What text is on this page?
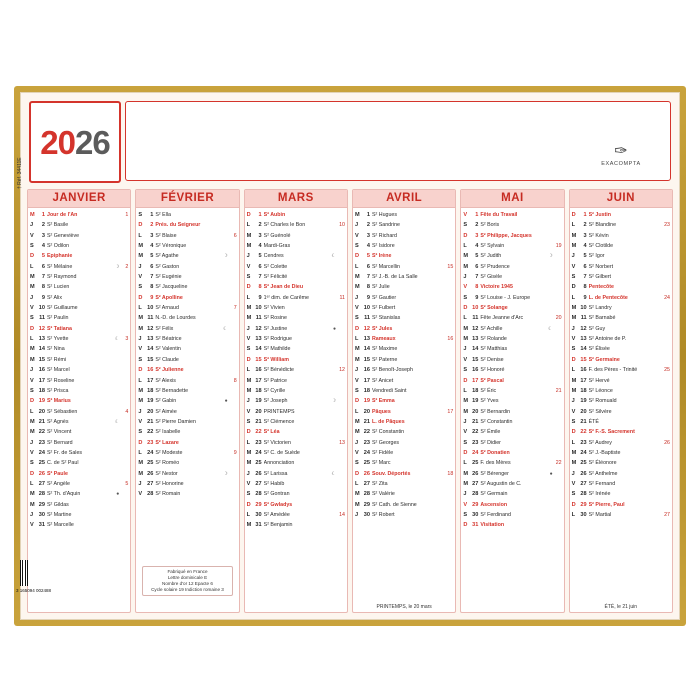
2026	✑
EXACOMPTA
† Réf. 34411E
JANVIER
M	1 Jour de l'An	1
J	2 S² Basile
V	3 S² Geneviève
S	4 S² Odilon
D	5 Epiphanie
L	6 S² Mélaine	☽	2
M	7 S² Raymond
M	8 S² Lucien
J	9 S² Alix
V 10 S² Guillaume
S 11 S² Paulin
D 12 S² Tatiana
L 13 S² Yvette	☾	3
M 14 S² Nina
M 15 S² Rémi
J	16 S² Marcel
V 17 S² Roseline
S 18 S² Prisca
D 19 S² Marius
L 20 S² Sébastien	4
M 21 S² Agnès	☾
M 22 S² Vincent
J	23 S² Bernard
V 24 S² Fr. de Sales
S 25 C. de S² Paul
D 26 S² Paule
L 27 S² Angèle	5
M 28 S² Th. d'Aquin	●
M 29 S² Gildas
J	30 S² Martine
V 31 S² Marcelle
FÉVRIER
S	1 S² Ella
D	2 Prés. du Seigneur
L	3 S² Blaise	6
M	4 S² Véronique
M	5 S² Agathe	☽
J	6 S² Gaston
V	7 S² Eugénie
S	8 S² Jacqueline
D	9 S² Apolline
L 10 S² Arnaud	7
M 11 N.-D. de Lourdes
M 12 S² Félix	☾
J	13 S² Béatrice
V 14 S² Valentin
S 15 S² Claude
D 16 S² Julienne
L 17 S² Alexis	8
M 18 S² Bernadette
M 19 S² Gabin	●
J	20 S² Aimée
V 21 S² Pierre Damien
S 22 S² Isabelle
D 23 S² Lazare
L 24 S² Modeste	9
M 25 S² Roméo
M 26 S² Nestor	☽
J	27 S² Honorine
V 28 S² Romain
Fabriqué en France
Lettre dominicale E
Nombre d'or 12 Epacte 6
Cycle solaire 19 Indiction romaine 3
MARS
D	1 S² Aubin
L	2 S² Charles le Bon	10
M	3 S² Guénolé
M	4 Mardi-Gras
J	5 Cendres	☾
V	6 S² Colette
S	7 S² Félicité
D	8 S² Jean de Dieu
L	9 1ᵉʳ dim. de Carême	11
M 10 S² Vivien
M 11 S² Rosine
J	12 S² Justine	●
V 13 S² Rodrigue
S 14 S² Mathilde
D 15 S² William
L 16 S² Bénédicte	12
M 17 S² Patrice
M 18 S² Cyrille
J	19 S² Joseph	☽
V 20 PRINTEMPS
S 21 S² Clémence
D 22 S² Léa
L 23 S² Victorien	13
M 24 S² C. de Suède
M 25 Annonciation
J	26 S² Larissa	☾
V 27 S² Habib
S 28 S² Gontran
D 29 S² Gwladys
L 30 S² Amédée	14
M 31 S² Benjamin
AVRIL
M	1 S² Hugues
J	2 S² Sandrine
V	3 S² Richard
S	4 S² Isidore
D	5 S² Irène
L	6 S² Marcellin	15
M	7 S² J.-B. de La Salle
M	8 S² Julie
J	9 S² Gautier
V 10 S² Fulbert
S 11 S² Stanislas
D 12 S² Jules
L 13 Rameaux	16
M 14 S² Maxime
M 15 S² Paterne
J	16 S² Benoît-Joseph
V 17 S² Anicet
S 18 Vendredi Saint
D 19 S² Emma
L 20 Pâques	17
M 21 L. de Pâques
M 22 S² Constantin
J	23 S² Georges
V 24 S² Fidèle
S 25 S² Marc
D 26 Souv. Déportés	18
L 27 S² Zita
M 28 S² Valérie
M 29 S² Cath. de Sienne
J	30 S² Robert
PRINTEMPS, le 20 mars
MAI
V	1 Fête du Travail
S	2 S² Boris
D	3 S² Philippe, Jacques
L	4 S² Sylvain	19
M	5 S² Judith	☽
M	6 S² Prudence
J	7 S² Gisèle
V	8 Victoire 1945
S	9 S² Louise - J. Europe
D 10 S² Solange
L	11 Fête Jeanne d'Arc	20
M 12 S² Achille	☾
M 13 S² Rolande
J	14 S² Matthias
V 15 S² Denise
S 16 S² Honoré
D 17 S² Pascal
L 18 S² Éric	21
M 19 S² Yves
M 20 S² Bernardin
J	21 S² Constantin
V 22 S² Émile
S 23 S² Didier
D 24 S² Donatien
L 25 F. des Mères	22
M 26 S² Bérenger	●
M 27 S² Augustin de C.
J	28 S² Germain
V 29 Ascension
S 30 S² Ferdinand
D 31 Visitation
JUIN
D	1 S² Justin
L	2 S² Blandine	23
M	3 S² Kévin
M	4 S² Clotilde
J	5 S² Igor
V	6 S² Norbert
S	7 S² Gilbert
D	8 Pentecôte
L	9 L. de Pentecôte	24
M 10 S² Landry
M 11 S² Barnabé
J	12 S² Guy
V 13 S² Antoine de P.
S 14 S² Élisée
D 15 S² Germaine
L 16 F. des Pères - Trinité	25
M 17 S² Hervé
M 18 S² Léonce
J	19 S² Romuald
V 20 S² Silvère
S 21 ÉTÉ
D 22 S² F.-S. Sacrement
L 23 S² Audrey	26
M 24 S² J.-Baptiste
M 25 S² Éléonore
J	26 S² Anthelme
V 27 S² Fernand
S 28 S² Irénée
D 29 S² Pierre, Paul
L 30 S² Martial	27
ÉTÉ, le 21 juin
3 165094 002488
